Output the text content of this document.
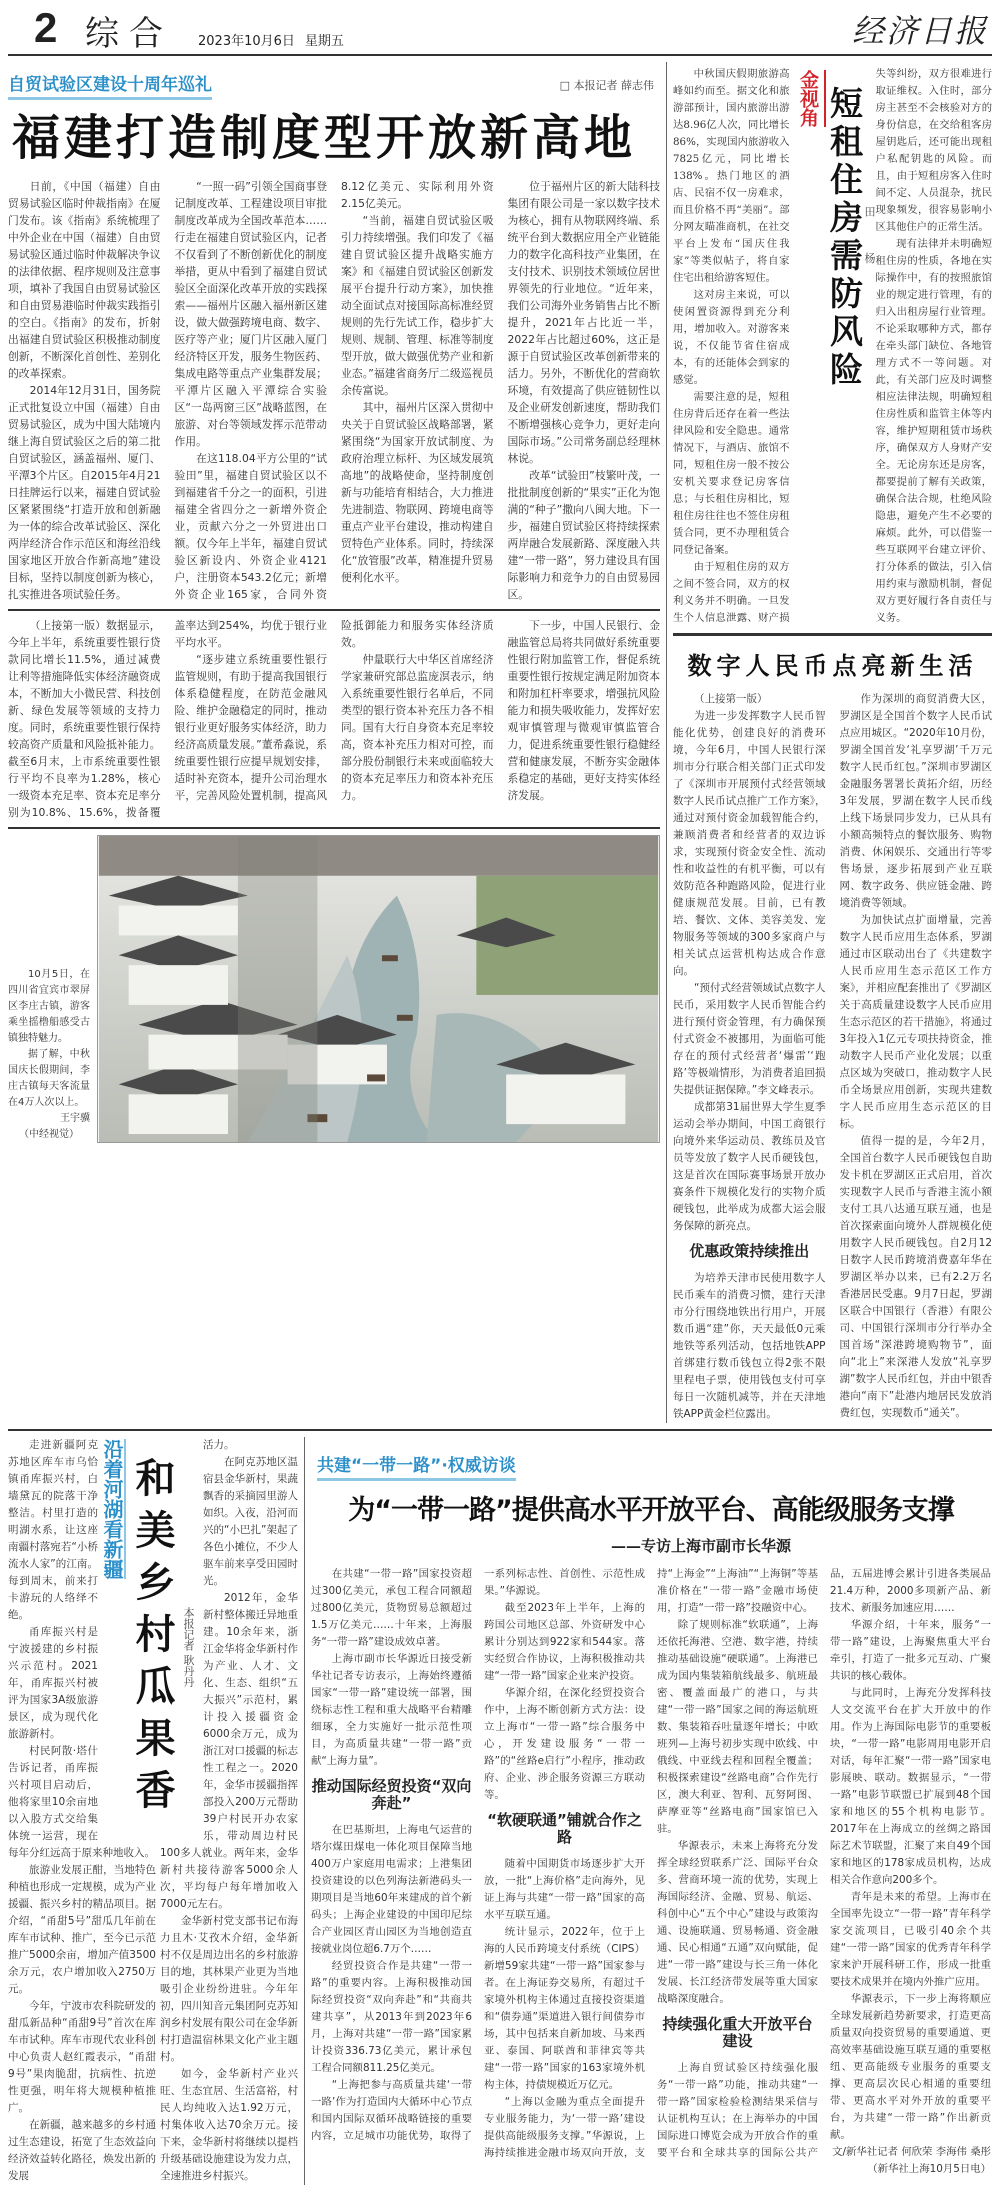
2 综合 2023年10月6日 星期五	经济日报
自贸试验区建设十周年巡礼	□ 本报记者 薛志伟
福建打造制度型开放新高地

日前，《中国（福建）自由贸易试验区临时仲裁指南》在厦门发布。该《指南》系统梳理了中外企业在中国（福建）自由贸易试验区通过临时仲裁解决争议的法律依据、程序规则及注意事项，填补了我国自由贸易试验区和自由贸易港临时仲裁实践指引的空白。《指南》的发布，折射出福建自贸试验区积极推动制度创新，不断深化首创性、差别化的改革探索。

2014年12月31日，国务院正式批复设立中国（福建）自由贸易试验区，成为中国大陆境内继上海自贸试验区之后的第二批自贸试验区，涵盖福州、厦门、平潭3个片区。自2015年4月21日挂牌运行以来，福建自贸试验区紧紧围绕“打造开放和创新融为一体的综合改革试验区、深化两岸经济合作示范区和海丝沿线国家地区开放合作新高地”建设目标，坚持以制度创新为核心，扎实推进各项试验任务。

“一照一码”引领全国商事登记制度改革、工程建设项目审批制度改革成为全国改革范本……行走在福建自贸试验区内，记者不仅看到了不断创新优化的制度举措，更从中看到了福建自贸试验区全面深化改革开放的实践探索——福州片区融入福州新区建设，做大做强跨境电商、数字、医疗等产业；厦门片区融入厦门经济特区开发，服务生物医药、集成电路等重点产业集群发展；平潭片区融入平潭综合实验区“一岛两窗三区”战略蓝图，在旅游、对台等领域发挥示范带动作用。

在这118.04平方公里的“试验田”里，福建自贸试验区以不到福建省千分之一的面积，引进福建全省四分之一新增外资企业，贡献六分之一外贸进出口额。仅今年上半年，福建自贸试验区新设内、外资企业4121户，注册资本543.2亿元；新增外资企业165家，合同外资8.12亿美元、实际利用外资2.15亿美元。

“当前，福建自贸试验区吸引力持续增强。我们印发了《福建自贸试验区提升战略实施方案》和《福建自贸试验区创新发展平台提升行动方案》，加快推动全面试点对接国际高标准经贸规则的先行先试工作，稳步扩大规则、规制、管理、标准等制度型开放，做大做强优势产业和新业态。”福建省商务厅二级巡视员余传富说。

其中，福州片区深入贯彻中央关于自贸试验区战略部署，紧紧围绕“为国家开放试制度、为政府治理立标杆、为区域发展筑高地”的战略使命，坚持制度创新与功能培育相结合，大力推进先进制造、物联网、跨境电商等重点产业平台建设，推动构建自贸特色产业体系。同时，持续深化“放管服”改革，精准提升贸易便利化水平。

位于福州片区的新大陆科技集团有限公司是一家以数字技术为核心，拥有从物联网终端、系统平台到大数据应用全产业链能力的数字化高科技产业集团，在支付技术、识别技术领域位居世界领先的行业地位。“近年来，我们公司海外业务销售占比不断提升，2021年占比近一半，2022年占比超过60%，这正是源于自贸试验区改革创新带来的活力。另外，不断优化的营商软环境，有效提高了供应链韧性以及企业研发创新速度，帮助我们不断增强核心竞争力，更好走向国际市场。”公司常务副总经理林林说。

改革“试验田”枝繁叶茂，一批批制度创新的“果实”正化为饱满的“种子”撒向八闽大地。下一步，福建自贸试验区将持续探索两岸融合发展新路、深度融入共建“一带一路”，努力建设具有国际影响力和竞争力的自由贸易园区。

（上接第一版）数据显示，今年上半年，系统重要性银行贷款同比增长11.5%，通过减费让利等措施降低实体经济融资成本，不断加大小微民营、科技创新、绿色发展等领域的支持力度。同时，系统重要性银行保持较高资产质量和风险抵补能力。截至6月末，上市系统重要性银行平均不良率为1.28%，核心一级资本充足率、资本充足率分别为10.8%、15.6%，拨备覆盖率达到254%，均优于银行业平均水平。

“逐步建立系统重要性银行监管规则，有助于提高我国银行体系稳健程度，在防范金融风险、维护金融稳定的同时，推动银行业更好服务实体经济，助力经济高质量发展。”董希淼说，系统重要性银行应提早规划安排，适时补充资本，提升公司治理水平，完善风险处置机制，提高风险抵御能力和服务实体经济质效。

仲量联行大中华区首席经济学家兼研究部总监庞溟表示，纳入系统重要性银行名单后，不同类型的银行资本补充压力各不相同。国有大行自身资本充足率较高，资本补充压力相对可控，而部分股份制银行未来或面临较大的资本充足率压力和资本补充压力。

下一步，中国人民银行、金融监管总局将共同做好系统重要性银行附加监管工作，督促系统重要性银行按规定满足附加资本和附加杠杆率要求，增强抗风险能力和损失吸收能力，发挥好宏观审慎管理与微观审慎监管合力，促进系统重要性银行稳健经营和健康发展，不断夯实金融体系稳定的基础，更好支持实体经济发展。

10月5日，在四川省宜宾市翠屏区李庄古镇，游客乘坐摇橹船感受古镇独特魅力。

据了解，中秋国庆长假期间，李庄古镇每天客流量在4万人次以上。

王宇骥
（中经视觉）

中秋国庆假期旅游高峰如约而至。据文化和旅游部预计，国内旅游出游达8.96亿人次，同比增长86%，实现国内旅游收入7825亿元，同比增长138%。热门地区的酒店、民宿不仅一房难求，而且价格不再“美丽”。部分网友瞄准商机，在社交平台上发布“国庆住我家”等类似帖子，将自家住宅出租给游客短住。

这对房主来说，可以使闲置资源得到充分利用，增加收入。对游客来说，不仅能节省住宿成本，有的还能体会到家的感觉。

需要注意的是，短租住房背后还存在着一些法律风险和安全隐患。通常情况下，与酒店、旅馆不同，短租住房一般不按公安机关要求登记房客信息；与长租住房相比，短租住房往往也不签住房租赁合同，更不办理租赁合同登记备案。

由于短租住房的双方之间不签合同，双方的权利义务并不明确。一旦发生个人信息泄露、财产损失等纠纷，双方很难进行取证维权。入住时，部分房主甚至不会核验对方的身份信息，在交给租客房屋钥匙后，还可能出现租户私配钥匙的风险。而且，由于短租房客入住时间不定、人员混杂，扰民现象频发，很容易影响小区其他住户的正常生活。

现有法律并未明确短租住房的性质，各地在实际操作中，有的按照旅馆业的规定进行管理，有的归入出租房屋行业管理。不论采取哪种方式，都存在牵头部门缺位、各地管理方式不一等问题。对此，有关部门应及时调整相应法律法规，明确短租住房性质和监管主体等内容，维护短期租赁市场秩序，确保双方人身财产安全。无论房东还是房客，都要提前了解有关政策，确保合法合规，杜绝风险隐患，避免产生不必要的麻烦。此外，可以借鉴一些互联网平台建立评价、打分体系的做法，引入信用约束与激励机制，督促双方更好履行各自责任与义务。

金视角 短租住房需防风险 田 杨
数字人民币点亮新生活

（上接第一版）

为进一步发挥数字人民币智能化优势，创建良好的消费环境，今年6月，中国人民银行深圳市分行联合相关部门正式印发了《深圳市开展预付式经营领域数字人民币试点推广工作方案》，通过对预付资金加载智能合约，兼顾消费者和经营者的双边诉求，实现预付资金安全性、流动性和收益性的有机平衡，可以有效防范各种跑路风险，促进行业健康规范发展。目前，已有教培、餐饮、文体、美容美发、宠物服务等领域的300多家商户与相关试点运营机构达成合作意向。

“预付式经营领域试点数字人民币，采用数字人民币智能合约进行预付资金管理，有力确保预付式资金不被挪用，为面临可能存在的预付式经营者‘爆雷’‘跑路’等极端情形，为消费者追回损失提供证据保障。”李文峰表示。

成都第31届世界大学生夏季运动会举办期间，中国工商银行向境外来华运动员、教练员及官员等发放了数字人民币硬钱包，这是首次在国际赛事场景开放办赛条件下规模化发行的实物介质硬钱包，此举成为成都大运会服务保障的新亮点。

优惠政策持续推出

为培养天津市民使用数字人民币乘车的消费习惯，建行天津市分行围绕地铁出行用户，开展数币遇“建”你，天天最低0元乘地铁等系列活动，包括地铁APP首绑建行数币钱包立得2张不限里程电子票，使用钱包支付可享每日一次随机减等，并在天津地铁APP黄金栏位露出。

作为深圳的商贸消费大区，罗湖区是全国首个数字人民币试点应用城区。“2020年10月份，罗湖全国首发‘礼享罗湖’千万元数字人民币红包。”深圳市罗湖区金融服务署署长黄拓介绍，历经3年发展，罗湖在数字人民币线上线下场景同步发力，已从具有小额高频特点的餐饮服务、购物消费、休闲娱乐、交通出行等零售场景，逐步拓展到产业互联网、数字政务、供应链金融、跨境消费等领域。

为加快试点扩面增量，完善数字人民币应用生态体系，罗湖通过市区联动出台了《共建数字人民币应用生态示范区工作方案》，并相应配套推出了《罗湖区关于高质量建设数字人民币应用生态示范区的若干措施》，将通过3年投入1亿元专项扶持资金，推动数字人民币产业化发展；以重点区域为突破口，推动数字人民币全场景应用创新，实现共建数字人民币应用生态示范区的目标。

值得一提的是，今年2月，全国首台数字人民币硬钱包自助发卡机在罗湖区正式启用，首次实现数字人民币与香港主流小额支付工具八达通互联互通，也是首次探索面向境外人群规模化使用数字人民币硬钱包。自2月12日数字人民币跨境消费嘉年华在罗湖区举办以来，已有2.2万名香港居民受惠。9月7日起，罗湖区联合中国银行（香港）有限公司、中国银行深圳市分行举办全国首场“深港跨境购物节”，面向“北上”来深港人发放“礼享罗湖”数字人民币红包，并由中银香港向“南下”赴港内地居民发放消费红包，实现数币“通关”。

走进新疆阿克苏地区库车市乌恰镇甬库振兴村，白墙黛瓦的院落干净整洁。村里打造的明湖水系，让这座南疆村落宛若“小桥流水人家”的江南。每到周末，前来打卡游玩的人络绎不绝。

甬库振兴村是宁波援建的乡村振兴示范村。2021年，甬库振兴村被评为国家3A级旅游景区，成为现代化旅游新村。

村民阿散·塔什告诉记者，甬库振兴村项目启动后，他将家里10余亩地以入股方式交给集体统一运营，现在每年分红远高于原来种地收入。

旅游业发展正酣，当地特色种植也形成一定规模，成为产业援疆、振兴乡村的精品项目。据介绍，“甬甜5号”甜瓜几年前在库车市试种、推广，至今已示范推广5000余亩，增加产值3500余万元，农户增加收入2750万元。

今年，宁波市农科院研发的甜瓜新品种“甬甜9号”首次在库车市试种。库车市现代农业科创中心负责人赵红霞表示，“甬甜9号”果肉脆甜，抗病性、抗逆性更强，明年将大规模种植推广。

在新疆，越来越多的乡村通过生态建设，拓宽了生态效益向经济效益转化路径，焕发出新的发展

活力。

在阿克苏地区温宿县金华新村，果蔬飘香的采摘园里游人如织。入夜，沿河而兴的“小巴扎”架起了各色小摊位，不少人驱车前来享受田园时光。

2012年，金华新村整体搬迁异地重建。10余年来，浙江金华将金华新村作为产业、人才、文化、生态、组织“五大振兴”示范村，累计投入援疆资金6000余万元，成为浙江对口援疆的标志性工程之一。2020年，金华市援疆指挥部投入200万元帮助39户村民开办农家乐，带动周边村民100多人就业。两年来，金华新村共接待游客5000余人次，平均每户每年增加收入7000元左右。

金华新村党支部书记布海力且木·艾孜木介绍，金华新村不仅是周边出名的乡村旅游目的地，其林果产业更为当地吸引企业纷纷进驻。今年年初，四川知音元集团阿克苏知润乡村发展有限公司在金华新村打造温宿林果文化产业主题村。

如今，金华新村产业兴旺、生态宜居、生活富裕，村民人均纯收入达1.92万元，村集体收入达70余万元。接下来，金华新村将继续以提档升级基础设施建设为发力点，全速推进乡村振兴。

沿着河湖看新疆 和美乡村瓜果香 本报记者 耿丹丹
共建“一带一路”·权威访谈
为“一带一路”提供高水平开放平台、高能级服务支撑
——专访上海市副市长华源

在共建“一带一路”国家投资超过300亿美元，承包工程合同额超过800亿美元，货物贸易总额超过1.5万亿美元……十年来，上海服务“一带一路”建设成效卓著。

上海市副市长华源近日接受新华社记者专访表示，上海始终遵循国家“一带一路”建设统一部署，围绕标志性工程和重大战略平台精雕细琢，全力实施好一批示范性项目，为高质量共建“一带一路”贡献“上海力量”。

推动国际经贸投资“双向奔赴”

在巴基斯坦，上海电气运营的塔尔煤田煤电一体化项目保障当地400万户家庭用电需求；上港集团投资建设的以色列海法新港码头一期项目是当地60年来建成的首个新码头；上海企业建设的中国印尼综合产业园区青山园区为当地创造直接就业岗位超6.7万个……

经贸投资合作是共建“一带一路”的重要内容。上海积极推动国际经贸投资“双向奔赴”和“共商共建共享”，从2013年到2023年6月，上海对共建“一带一路”国家累计投资336.73亿美元，累计承包工程合同额811.25亿美元。

“上海把参与高质量共建‘一带一路’作为打造国内大循环中心节点和国内国际双循环战略链接的重要内容，立足城市功能优势，取得了一系列标志性、首创性、示范性成果。”华源说。

截至2023年上半年，上海的跨国公司地区总部、外资研发中心累计分别达到922家和544家。落实经贸合作协议，上海积极推动共建“一带一路”国家企业来沪投资。

华源介绍，在深化经贸投资合作中，上海不断创新方式方法：设立上海市“一带一路”综合服务中心，开发建设服务“一带一路”的“丝路e启行”小程序，推动政府、企业、涉企服务资源三方联动等。

“软硬联通”铺就合作之路

随着中国期货市场逐步扩大开放，一批“上海价格”走向海外，见证上海与共建“一带一路”国家的高水平互联互通。

统计显示，2022年，位于上海的人民币跨境支付系统（CIPS）新增59家共建“一带一路”国家参与者。在上海证券交易所，有超过千家境外机构主体通过直接投资渠道和“债券通”渠道进入银行间债券市场，其中包括来自新加坡、马来西亚、泰国、阿联酋和菲律宾等共建“一带一路”国家的163家境外机构主体，持债规模近万亿元。

“上海以金融为重点全面提升专业服务能力，为‘一带一路’建设提供高能级服务支撑。”华源说，上海持续推进金融市场双向开放，支持“上海金”“上海油”“上海铜”等基准价格在“一带一路”金融市场使用，打造“一带一路”投融资中心。

除了规则标准“软联通”，上海还依托海港、空港、数字港，持续推动基础设施“硬联通”。上海港已成为国内集装箱航线最多、航班最密、覆盖面最广的港口，与共建“一带一路”国家之间的海运航班数、集装箱吞吐量逐年增长；中欧班列—上海号初步实现中欧线、中俄线、中亚线去程和回程全覆盖；积极探索建设“丝路电商”合作先行区，澳大利亚、智利、瓦努阿图、萨摩亚等“丝路电商”国家馆已入驻。

华源表示，未来上海将充分发挥全球经贸联系广泛、国际平台众多、营商环境一流的优势，实现上海国际经济、金融、贸易、航运、科创中心“五个中心”建设与政策沟通、设施联通、贸易畅通、资金融通、民心相通“五通”双向赋能，促进“一带一路”建设与长三角一体化发展、长江经济带发展等重大国家战略深度融合。

持续强化重大开放平台建设

上海自贸试验区持续强化服务“一带一路”功能，推动共建“一带一路”国家检验检测结果采信与认证机构互认；在上海举办的中国国际进口博览会成为开放合作的重要平台和全球共享的国际公共产品，五届进博会累计引进各类展品21.4万种，2000多项新产品、新技术、新服务加速应用……

华源介绍，十年来，服务“一带一路”建设，上海聚焦重大平台牵引，打造了一批多元互动、广聚共识的核心载体。

与此同时，上海充分发挥科技人文交流平台在扩大开放中的作用。作为上海国际电影节的重要板块，“一带一路”电影周用电影开启对话，每年汇聚“一带一路”国家电影展映、联动。数据显示，“一带一路”电影节联盟已扩展到48个国家和地区的55个机构电影节。2017年在上海成立的丝绸之路国际艺术节联盟，汇聚了来自49个国家和地区的178家成员机构，达成相关合作意向200多个。

青年是未来的希望。上海市在全国率先设立“一带一路”青年科学家交流项目，已吸引40余个共建“一带一路”国家的优秀青年科学家来沪开展科研工作，形成一批重要技术成果并在境内外推广应用。

华源表示，下一步上海将顺应全球发展新趋势新要求，打造更高质量双向投资贸易的重要通道、更高效率基础设施互联互通的重要枢纽、更高能级专业服务的重要支撑、更高层次民心相通的重要纽带、更高水平对外开放的重要平台，为共建“一带一路”作出新贡献。

文/新华社记者 何欣荣 李海伟 桑彤

（新华社上海10月5日电）
